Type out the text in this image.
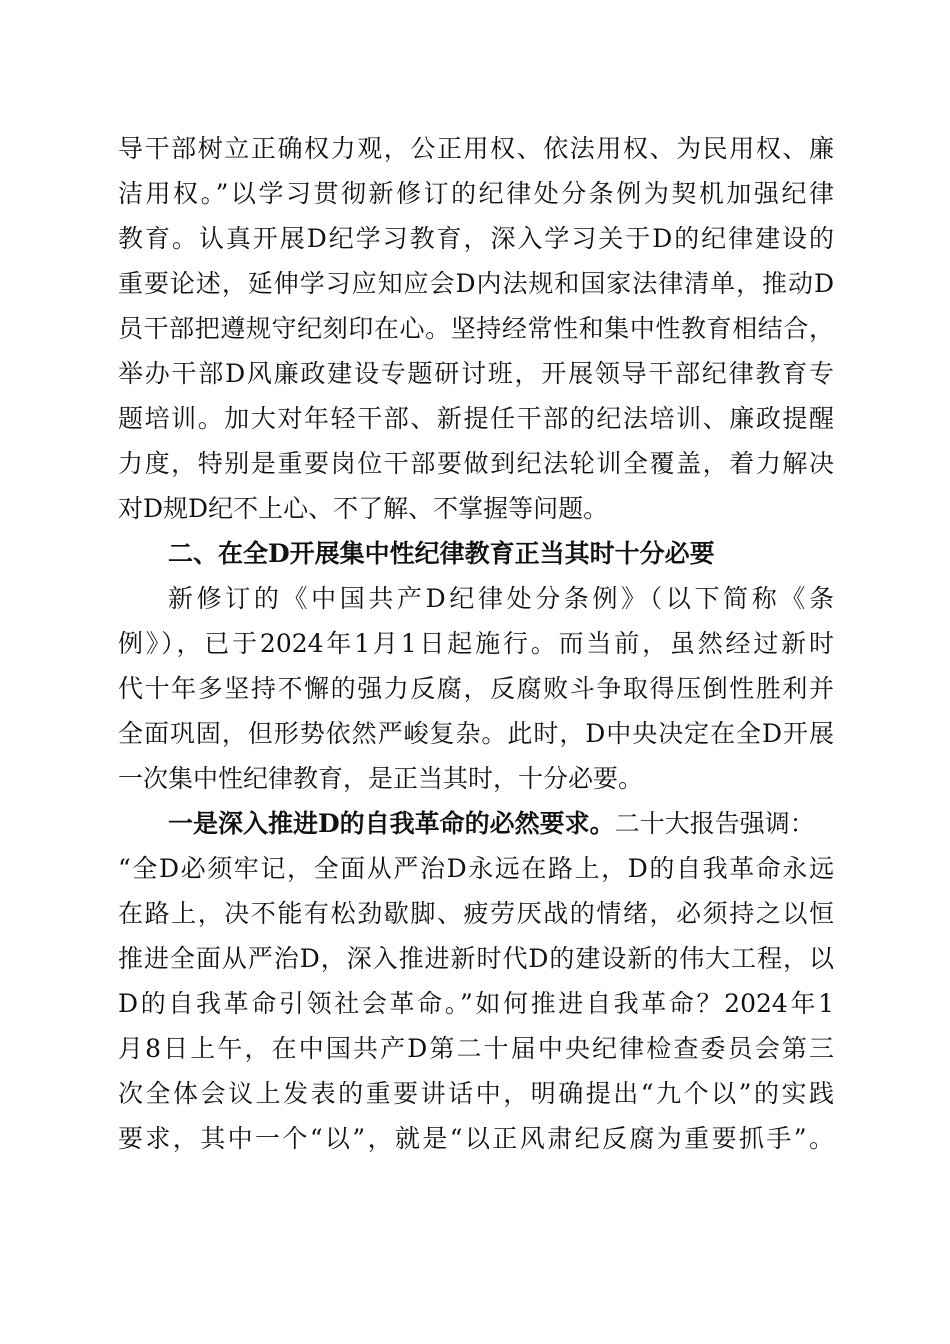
导干部树立正确权力观，公正用权、依法用权、为民用权、廉
洁用权。”以学习贯彻新修订的纪律处分条例为契机加强纪律
教育。认真开展D纪学习教育，深入学习关于D的纪律建设的
重要论述，延伸学习应知应会D内法规和国家法律清单，推动D
员干部把遵规守纪刻印在心。坚持经常性和集中性教育相结合，
举办干部D风廉政建设专题研讨班，开展领导干部纪律教育专
题培训。加大对年轻干部、新提任干部的纪法培训、廉政提醒
力度，特别是重要岗位干部要做到纪法轮训全覆盖，着力解决
对D规D纪不上心、不了解、不掌握等问题。
二、在全D开展集中性纪律教育正当其时十分必要
新修订的《中国共产D纪律处分条例》（以下简称《条
例》），已于2024年1月1日起施行。而当前，虽然经过新时
代十年多坚持不懈的强力反腐，反腐败斗争取得压倒性胜利并
全面巩固，但形势依然严峻复杂。此时，D中央决定在全D开展
一次集中性纪律教育，是正当其时，十分必要。
一是深入推进D的自我革命的必然要求。二十大报告强调：
“全D必须牢记，全面从严治D永远在路上，D的自我革命永远
在路上，决不能有松劲歇脚、疲劳厌战的情绪，必须持之以恒
推进全面从严治D，深入推进新时代D的建设新的伟大工程，以
D的自我革命引领社会革命。”如何推进自我革命？2024年1
月8日上午，在中国共产D第二十届中央纪律检查委员会第三
次全体会议上发表的重要讲话中，明确提出“九个以”的实践
要求，其中一个“以”，就是“以正风肃纪反腐为重要抓手”。
